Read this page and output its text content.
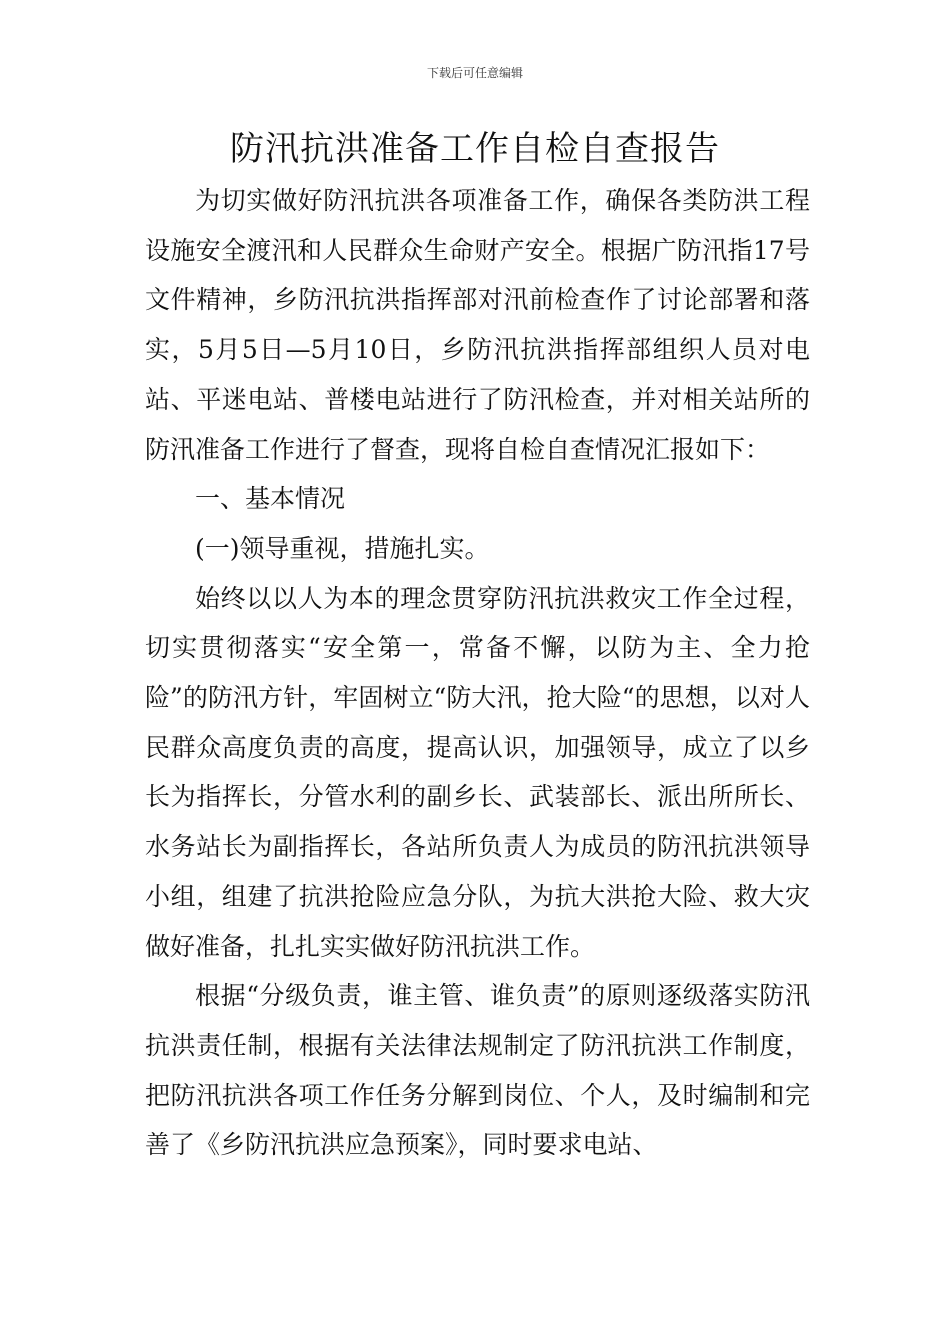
下载后可任意编辑
防汛抗洪准备工作自检自查报告

为切实做好防汛抗洪各项准备工作，确保各类防洪工程设施安全渡汛和人民群众生命财产安全。根据广防汛指17号文件精神，乡防汛抗洪指挥部对汛前检查作了讨论部署和落实，5月5日—5月10日，乡防汛抗洪指挥部组织人员对电站、平迷电站、普楼电站进行了防汛检查，并对相关站所的防汛准备工作进行了督查，现将自检自查情况汇报如下：

一、基本情况

(一)领导重视，措施扎实。

始终以以人为本的理念贯穿防汛抗洪救灾工作全过程，切实贯彻落实“安全第一，常备不懈，以防为主、全力抢险”的防汛方针，牢固树立“防大汛，抢大险“的思想，以对人民群众高度负责的高度，提高认识，加强领导，成立了以乡长为指挥长，分管水利的副乡长、武装部长、派出所所长、水务站长为副指挥长，各站所负责人为成员的防汛抗洪领导小组，组建了抗洪抢险应急分队，为抗大洪抢大险、救大灾做好准备，扎扎实实做好防汛抗洪工作。

根据“分级负责，谁主管、谁负责”的原则逐级落实防汛抗洪责任制，根据有关法律法规制定了防汛抗洪工作制度，把防汛抗洪各项工作任务分解到岗位、个人，及时编制和完善了《乡防汛抗洪应急预案》，同时要求电站、
